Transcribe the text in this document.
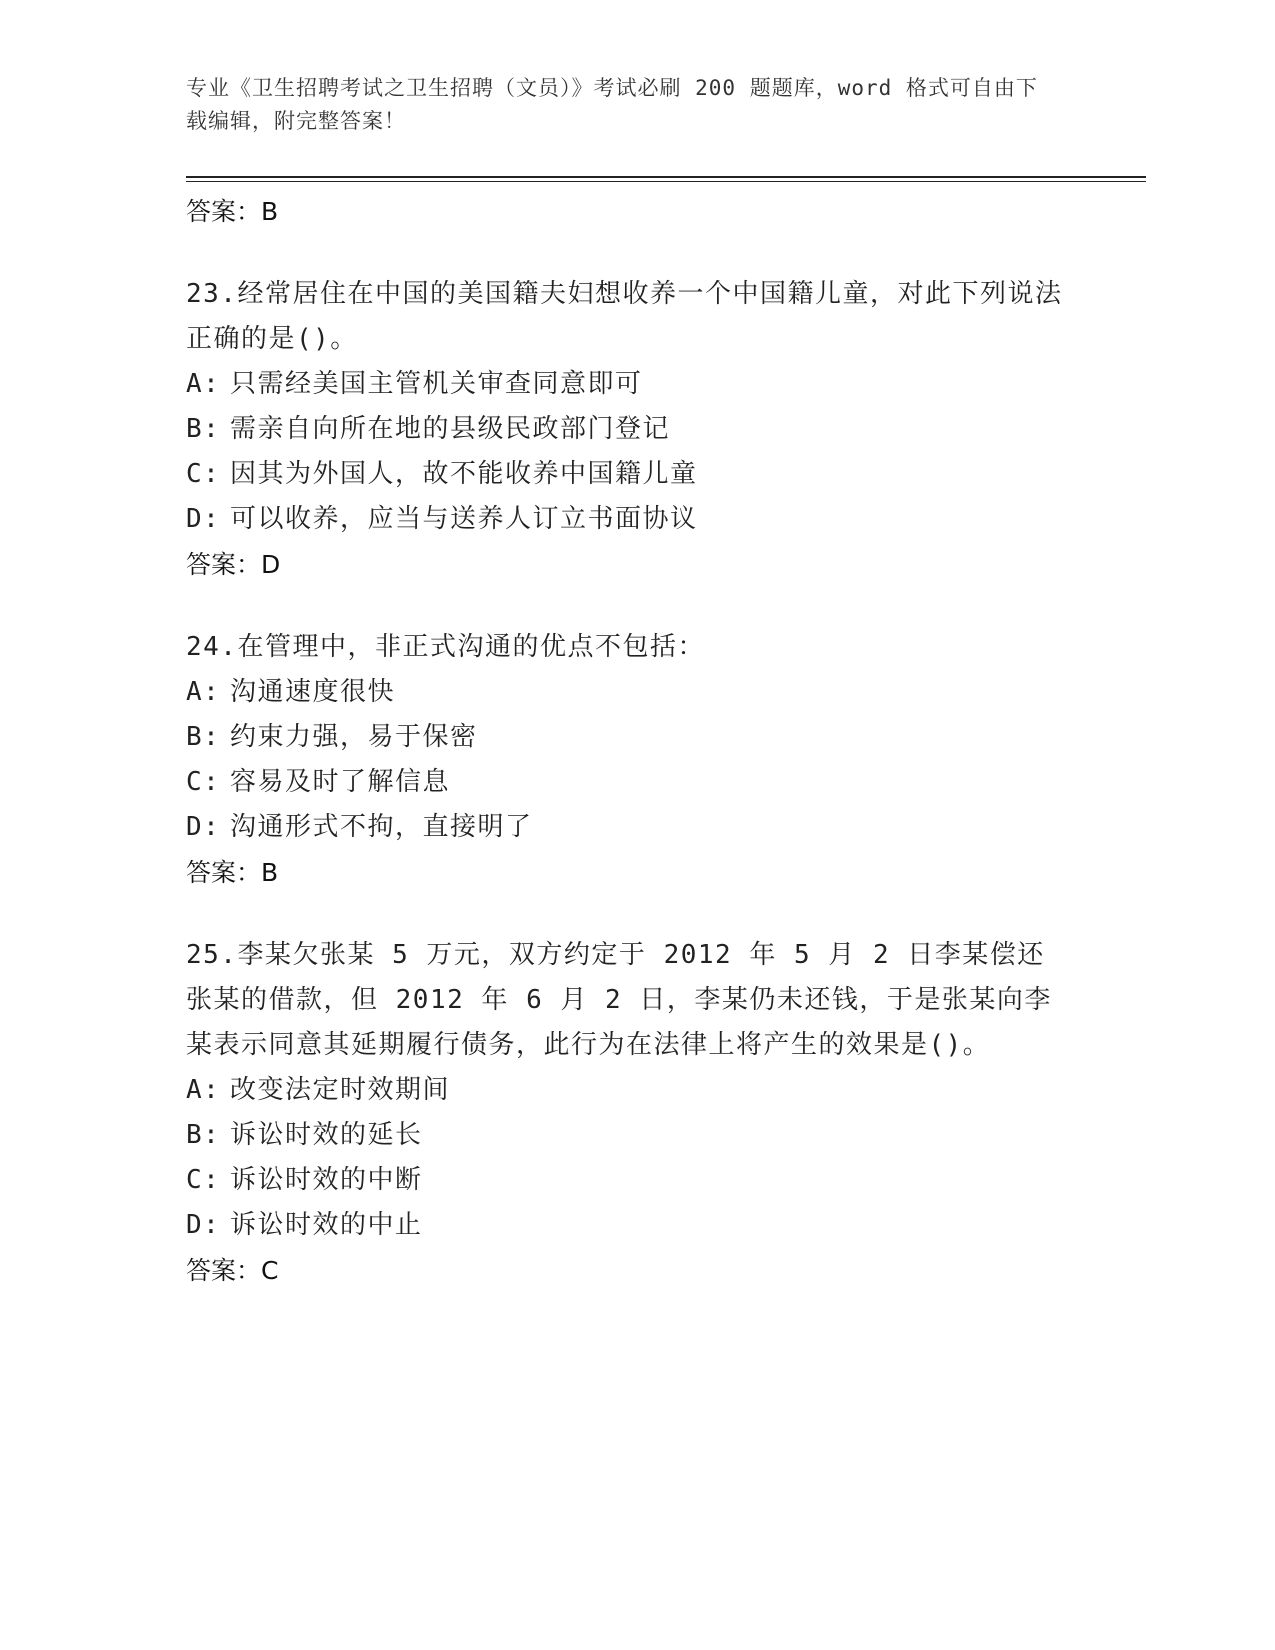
专业《卫生招聘考试之卫生招聘（文员）》考试必刷 200 题题库，word 格式可自由下载编辑，附完整答案！
答案：B
23.经常居住在中国的美国籍夫妇想收养一个中国籍儿童，对此下列说法正确的是()。
A: 只需经美国主管机关审查同意即可
B: 需亲自向所在地的县级民政部门登记
C: 因其为外国人，故不能收养中国籍儿童
D: 可以收养，应当与送养人订立书面协议
答案：D
24.在管理中，非正式沟通的优点不包括：
A: 沟通速度很快
B: 约束力强，易于保密
C: 容易及时了解信息
D: 沟通形式不拘，直接明了
答案：B
25.李某欠张某 5 万元，双方约定于 2012 年 5 月 2 日李某偿还张某的借款，但 2012 年 6 月 2 日，李某仍未还钱，于是张某向李某表示同意其延期履行债务，此行为在法律上将产生的效果是()。
A: 改变法定时效期间
B: 诉讼时效的延长
C: 诉讼时效的中断
D: 诉讼时效的中止
答案：C
